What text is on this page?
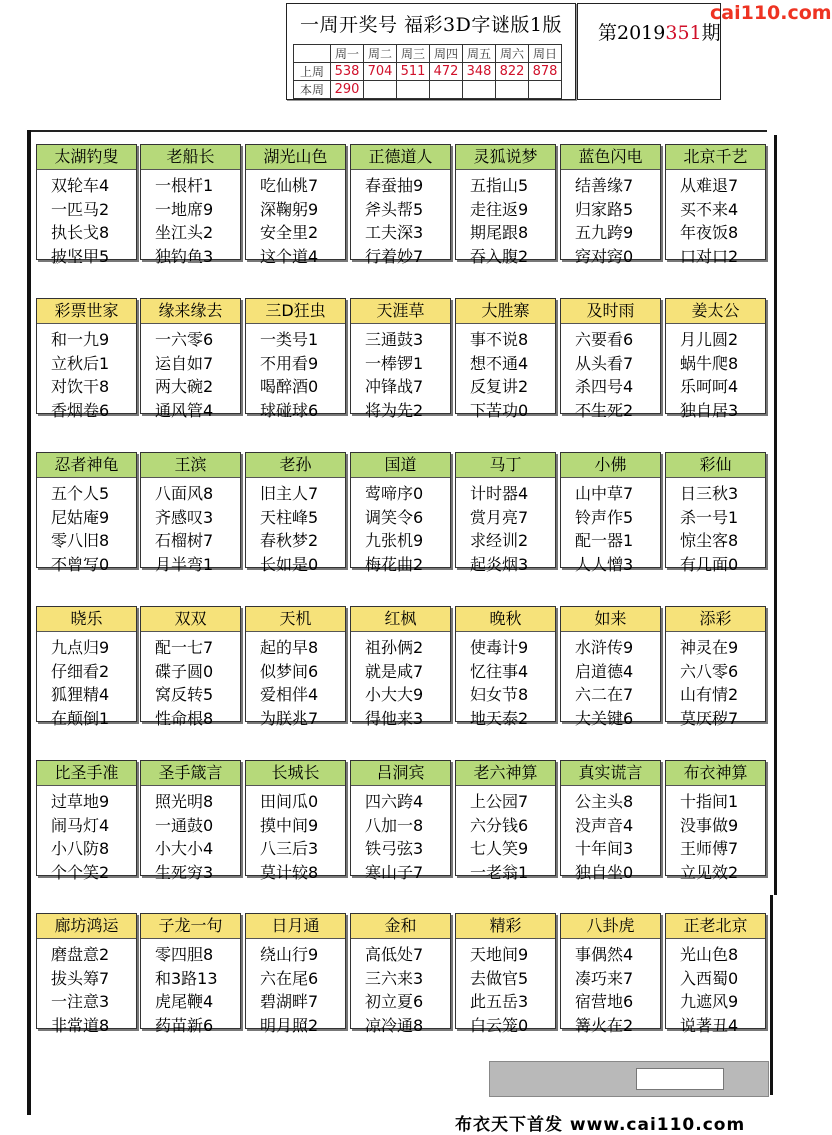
一周开奖号 福彩3D字谜版1版
	周一	周二	周三	周四	周五	周六	周日
上周	538	704	511	472	348	822	878
本周	290						
第2019351期
cai110.com
太湖钓叟
双轮车4
一匹马2
执长戈8
披坚甲5
老船长
一根杆1
一地席9
坐江头2
独钓鱼3
湖光山色
吃仙桃7
深鞠躬9
安全里2
这个道4
正德道人
春蚕抽9
斧头帮5
工夫深3
行着妙7
灵狐说梦
五指山5
走往返9
期尾跟8
吞入腹2
蓝色闪电
结善缘7
归家路5
五九跨9
窍对窍0
北京千艺
从难退7
买不来4
年夜饭8
口对口2
彩票世家
和一九9
立秋后1
对饮干8
香烟卷6
缘来缘去
一六零6
运自如7
两大碗2
通风管4
三D狂虫
一类号1
不用看9
喝醉酒0
球碰球6
天涯草
三通鼓3
一棒锣1
冲锋战7
将为先2
大胜寨
事不说8
想不通4
反复讲2
下苦功0
及时雨
六要看6
从头看7
杀四号4
不生死2
姜太公
月儿圆2
蜗牛爬8
乐呵呵4
独自居3
忍者神龟
五个人5
尼姑庵9
零八旧8
不曾写0
王滨
八面风8
齐感叹3
石榴树7
月半弯1
老孙
旧主人7
天柱峰5
春秋梦2
长如是0
国道
莺啼序0
调笑令6
九张机9
梅花曲2
马丁
计时器4
赏月亮7
求经训2
起炎烟3
小佛
山中草7
铃声作5
配一器1
人人憎3
彩仙
日三秋3
杀一号1
惊尘客8
有几面0
晓乐
九点归9
仔细看2
狐狸精4
在颠倒1
双双
配一七7
碟子圆0
窝反转5
性命根8
天机
起的早8
似梦间6
爱相伴4
为朕兆7
红枫
祖孙俩2
就是咸7
小大大9
得他来3
晚秋
使毒计9
忆往事4
妇女节8
地天泰2
如来
水浒传9
启道德4
六二在7
大关键6
添彩
神灵在9
六八零6
山有情2
莫厌秽7
比圣手准
过草地9
闹马灯4
小八防8
个个笑2
圣手箴言
照光明8
一通鼓0
小大小4
生死穷3
长城长
田间瓜0
摸中间9
八三后3
莫计较8
吕洞宾
四六跨4
八加一8
铁弓弦3
寒山子7
老六神算
上公园7
六分钱6
七人笑9
一老翁1
真实谎言
公主头8
没声音4
十年间3
独自坐0
布衣神算
十指间1
没事做9
王师傅7
立见效2
廊坊鸿运
磨盘意2
拔头筹7
一注意3
非常道8
子龙一句
零四胆8
和3路13
虎尾鞭4
药苗新6
日月通
绕山行9
六在尾6
碧湖畔7
明月照2
金和
高低处7
三六来3
初立夏6
凉冷通8
精彩
天地间9
去做官5
此五岳3
白云笼0
八卦虎
事偶然4
凑巧来7
宿营地6
篝火在2
正老北京
光山色8
入西蜀0
九遮风9
说著丑4
布衣天下首发 www.cai110.com
